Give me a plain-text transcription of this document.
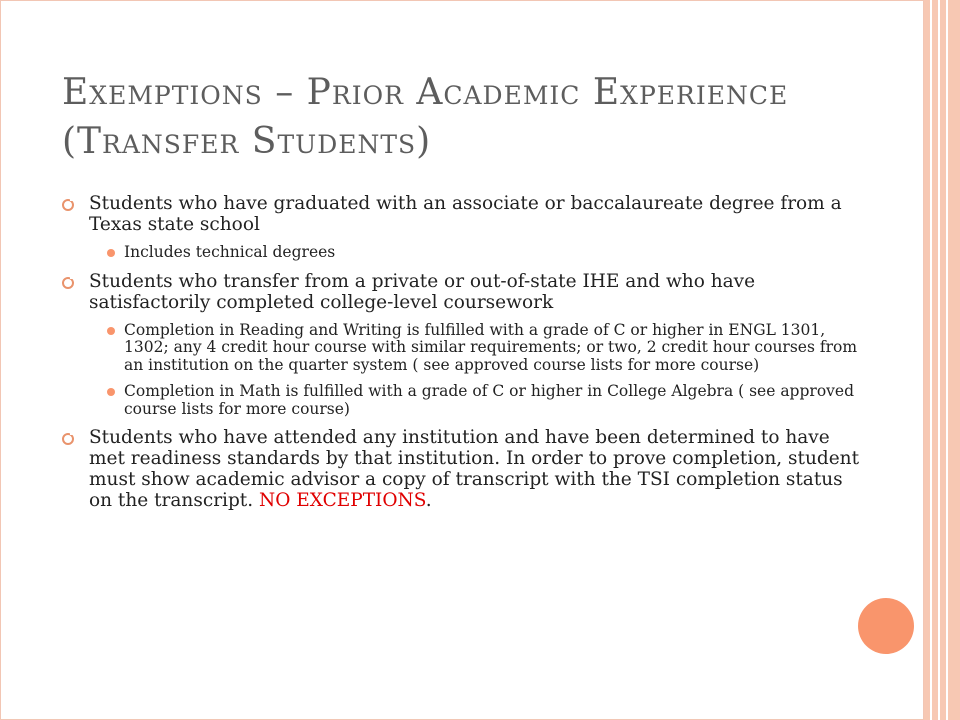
Exemptions – Prior Academic Experience (Transfer Students)
Students who have graduated with an associate or baccalaureate degree from a Texas state school
Includes technical degrees
Students who transfer from a private or out-of-state IHE and who have satisfactorily completed college-level coursework
Completion in Reading and Writing is fulfilled with a grade of C or higher in ENGL 1301, 1302; any 4 credit hour course with similar requirements; or two, 2 credit hour courses from an institution on the quarter system ( see approved course lists for more course)
Completion in Math is fulfilled with a grade of C or higher in College Algebra ( see approved course lists for more course)
Students who have attended any institution and have been determined to have met readiness standards by that institution. In order to prove completion, student must show academic advisor a copy of transcript with the TSI completion status on the transcript. NO EXCEPTIONS.
